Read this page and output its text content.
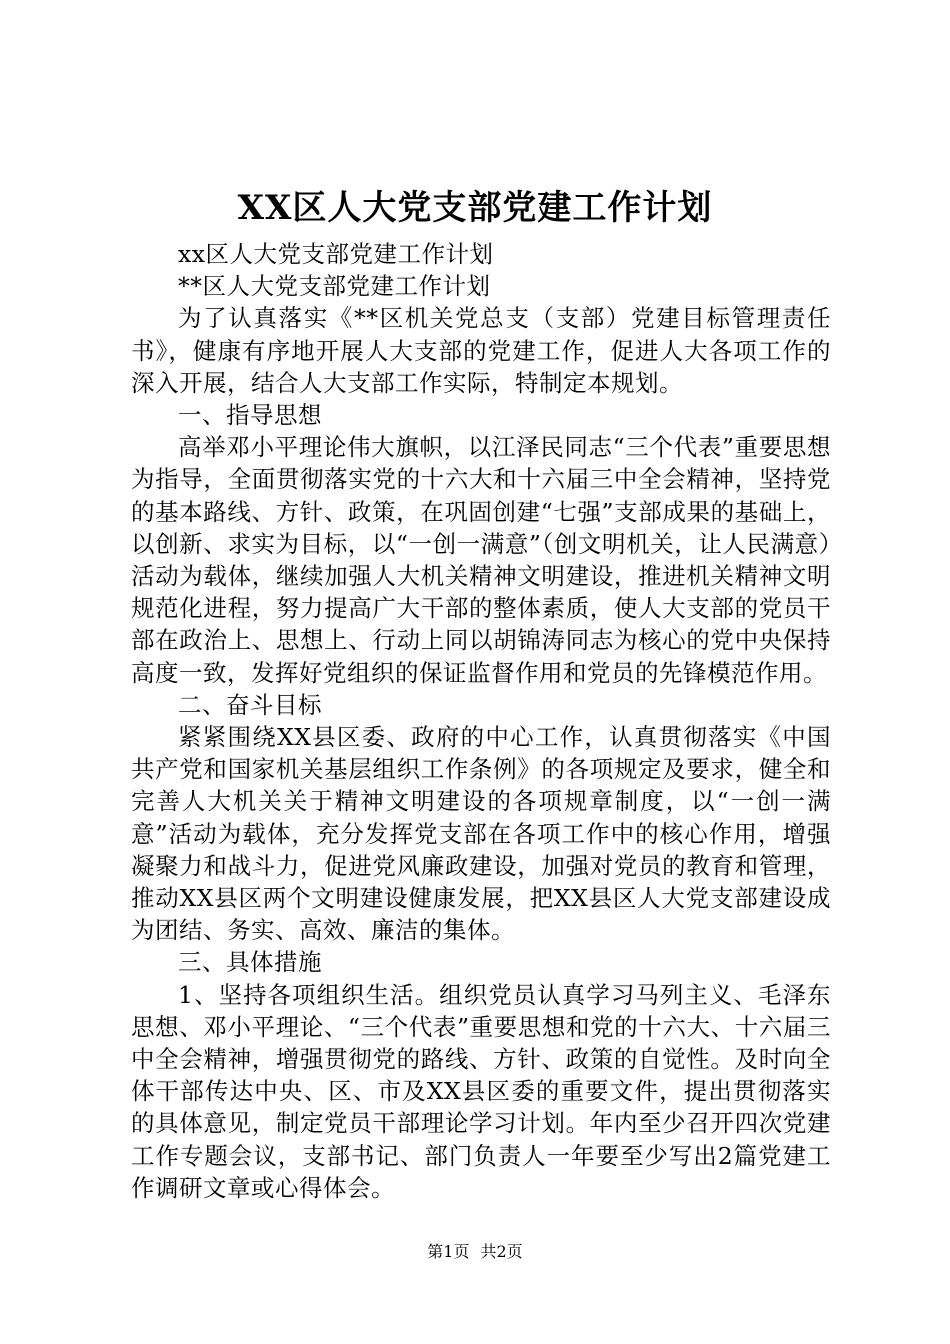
XX区人大党支部党建工作计划

xx区人大党支部党建工作计划

**区人大党支部党建工作计划

为了认真落实《**区机关党总支（支部）党建目标管理责任书》，健康有序地开展人大支部的党建工作，促进人大各项工作的深入开展，结合人大支部工作实际，特制定本规划。

一、指导思想

高举邓小平理论伟大旗帜，以江泽民同志“三个代表”重要思想为指导，全面贯彻落实党的十六大和十六届三中全会精神，坚持党的基本路线、方针、政策，在巩固创建“七强”支部成果的基础上，以创新、求实为目标，以“一创一满意”（创文明机关，让人民满意）活动为载体，继续加强人大机关精神文明建设，推进机关精神文明规范化进程，努力提高广大干部的整体素质，使人大支部的党员干部在政治上、思想上、行动上同以胡锦涛同志为核心的党中央保持高度一致，发挥好党组织的保证监督作用和党员的先锋模范作用。

二、奋斗目标

紧紧围绕XX县区委、政府的中心工作，认真贯彻落实《中国共产党和国家机关基层组织工作条例》的各项规定及要求，健全和完善人大机关关于精神文明建设的各项规章制度，以“一创一满意”活动为载体，充分发挥党支部在各项工作中的核心作用，增强凝聚力和战斗力，促进党风廉政建设，加强对党员的教育和管理，推动XX县区两个文明建设健康发展，把XX县区人大党支部建设成为团结、务实、高效、廉洁的集体。

三、具体措施

1、坚持各项组织生活。组织党员认真学习马列主义、毛泽东思想、邓小平理论、“三个代表”重要思想和党的十六大、十六届三中全会精神，增强贯彻党的路线、方针、政策的自觉性。及时向全体干部传达中央、区、市及XX县区委的重要文件，提出贯彻落实的具体意见，制定党员干部理论学习计划。年内至少召开四次党建工作专题会议，支部书记、部门负责人一年要至少写出2篇党建工作调研文章或心得体会。

第1页 共2页
